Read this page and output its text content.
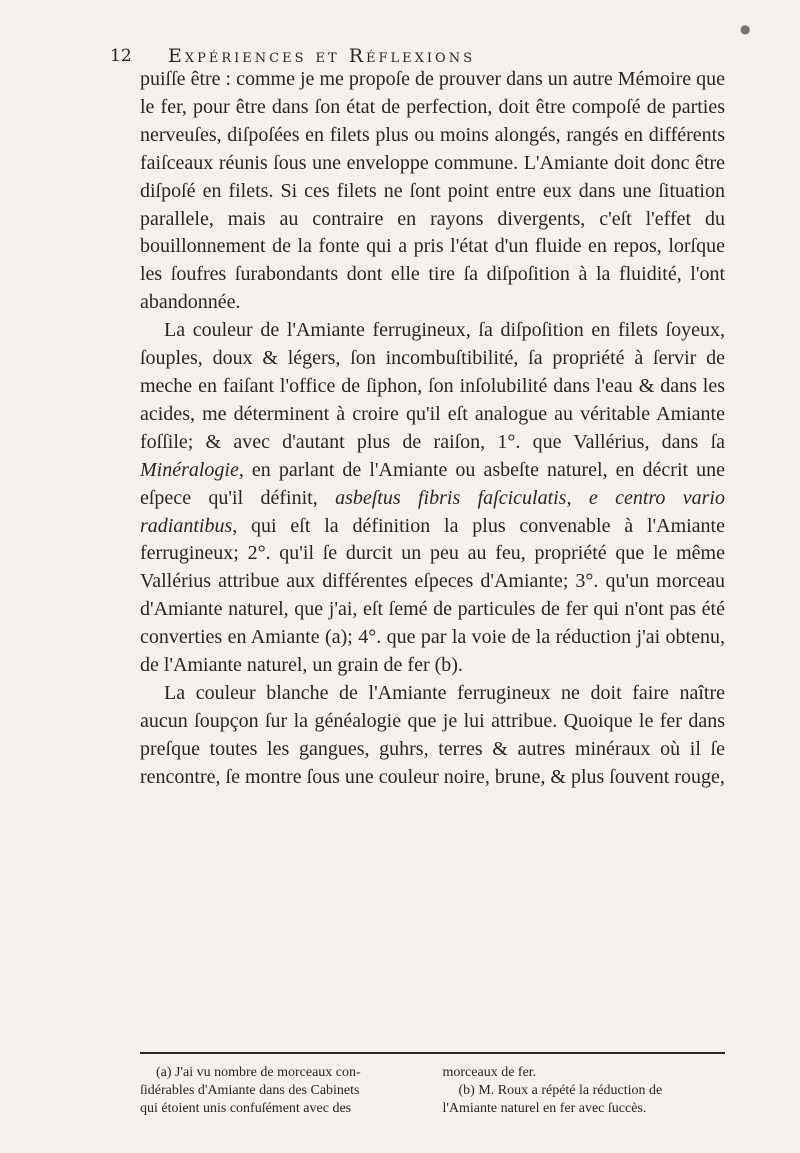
●
12 Expériences et Réflexions

puiſſe être : comme je me propoſe de prouver dans un autre Mémoire que le fer, pour être dans ſon état de perfection, doit être compoſé de parties nerveuſes, diſpoſées en filets plus ou moins alongés, rangés en différents faiſceaux réunis ſous une enveloppe commune. L'Amiante doit donc être diſpoſé en filets. Si ces filets ne ſont point entre eux dans une ſituation parallele, mais au contraire en rayons divergents, c'eſt l'effet du bouillonnement de la fonte qui a pris l'état d'un fluide en repos, lorſque les ſoufres ſurabondants dont elle tire ſa diſpoſition à la fluidité, l'ont abandonnée.

La couleur de l'Amiante ferrugineux, ſa diſpoſition en filets ſoyeux, ſouples, doux & légers, ſon incombuſtibilité, ſa propriété à ſervir de meche en faiſant l'office de ſiphon, ſon inſolubilité dans l'eau & dans les acides, me déterminent à croire qu'il eſt analogue au véritable Amiante foſſile; & avec d'autant plus de raiſon, 1°. que Vallérius, dans ſa Minéralogie, en parlant de l'Amiante ou asbeſte naturel, en décrit une eſpece qu'il définit, asbeſtus fibris faſciculatis, e centro vario radiantibus, qui eſt la définition la plus convenable à l'Amiante ferrugineux; 2°. qu'il ſe durcit un peu au feu, propriété que le même Vallérius attribue aux différentes eſpeces d'Amiante; 3°. qu'un morceau d'Amiante naturel, que j'ai, eſt ſemé de particules de fer qui n'ont pas été converties en Amiante (a); 4°. que par la voie de la réduction j'ai obtenu, de l'Amiante naturel, un grain de fer (b).

La couleur blanche de l'Amiante ferrugineux ne doit faire naître aucun ſoupçon ſur la généalogie que je lui attribue. Quoique le fer dans preſque toutes les gangues, guhrs, terres & autres minéraux où il ſe rencontre, ſe montre ſous une couleur noire, brune, & plus ſouvent rouge,

(a) J'ai vu nombre de morceaux con-
ſidérables d'Amiante dans des Cabinets
qui étoient unis confuſément avec des
morceaux de fer.
(b) M. Roux a répété la réduction de
l'Amiante naturel en fer avec ſuccès.
